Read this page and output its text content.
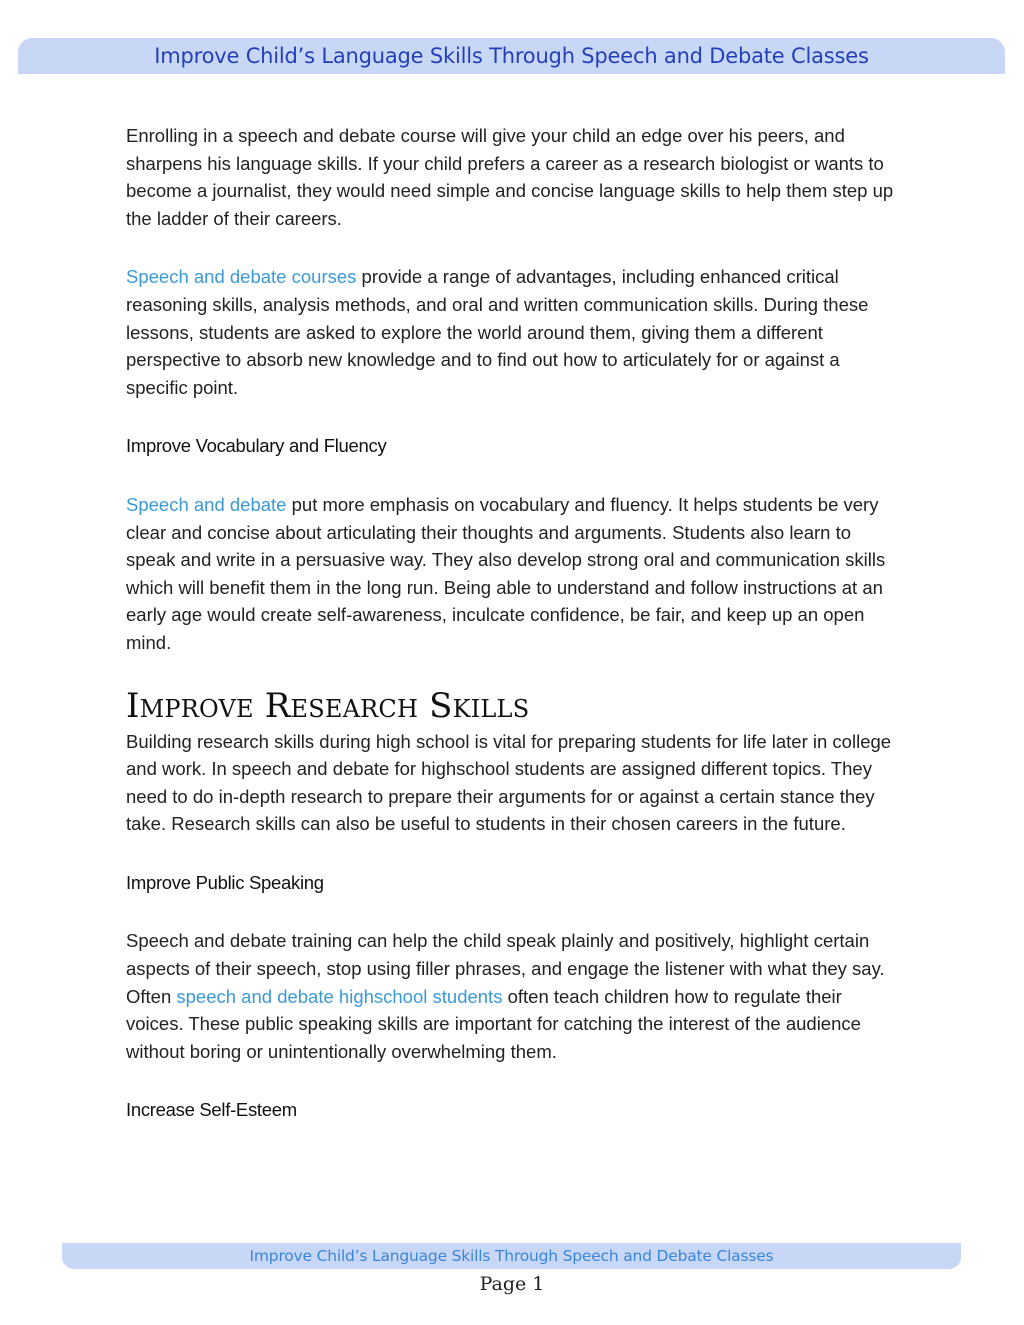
Improve Child’s Language Skills Through Speech and Debate Classes

Enrolling in a speech and debate course will give your child an edge over his peers, and sharpens his language skills. If your child prefers a career as a research biologist or wants to become a journalist, they would need simple and concise language skills to help them step up the ladder of their careers.

Speech and debate courses provide a range of advantages, including enhanced critical reasoning skills, analysis methods, and oral and written communication skills. During these lessons, students are asked to explore the world around them, giving them a different perspective to absorb new knowledge and to find out how to articulately for or against a specific point.

Improve Vocabulary and Fluency

Speech and debate put more emphasis on vocabulary and fluency. It helps students be very clear and concise about articulating their thoughts and arguments. Students also learn to speak and write in a persuasive way. They also develop strong oral and communication skills which will benefit them in the long run. Being able to understand and follow instructions at an early age would create self-awareness, inculcate confidence, be fair, and keep up an open mind.

Improve Research Skills

Building research skills during high school is vital for preparing students for life later in college and work. In speech and debate for highschool students are assigned different topics. They need to do in-depth research to prepare their arguments for or against a certain stance they take. Research skills can also be useful to students in their chosen careers in the future.

Improve Public Speaking

Speech and debate training can help the child speak plainly and positively, highlight certain aspects of their speech, stop using filler phrases, and engage the listener with what they say. Often speech and debate highschool students often teach children how to regulate their voices. These public speaking skills are important for catching the interest of the audience without boring or unintentionally overwhelming them.

Increase Self-Esteem
Improve Child’s Language Skills Through Speech and Debate Classes
Page 1
